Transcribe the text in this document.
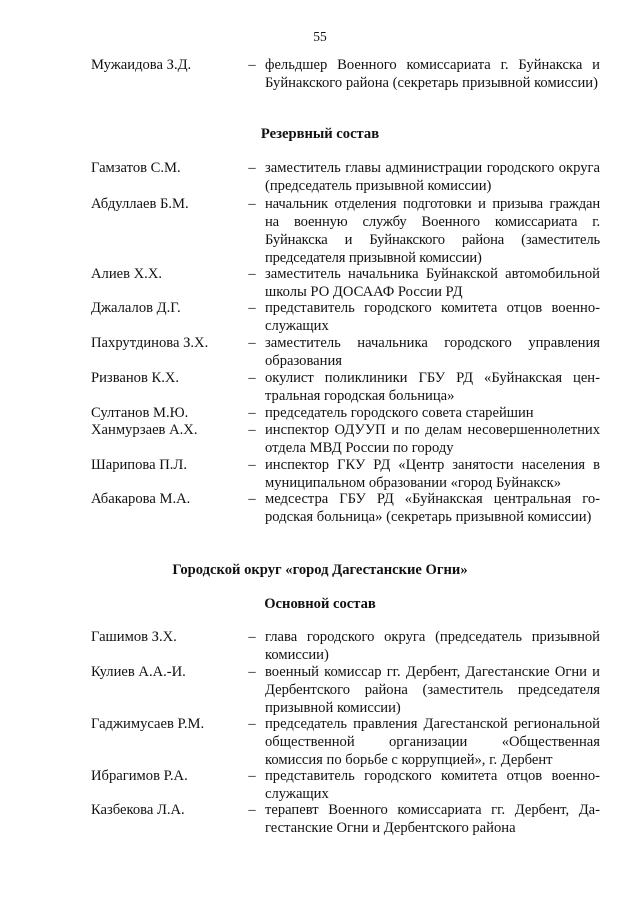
55
Мужаидова З.Д.	– фельдшер Военного комиссариата г. Буйнакска и Буйнакского района (секретарь призывной комиссии)
Резервный состав
Гамзатов С.М.	– заместитель главы администрации городского округа (председатель призывной комиссии)
Абдуллаев Б.М.	– начальник отделения подготовки и призыва граждан на военную службу Военного комиссариата г. Буйнакска и Буйнакского района (заместитель председателя призывной комиссии)
Алиев Х.Х.	– заместитель начальника Буйнакской автомобильной школы РО ДОСААФ России РД
Джалалов Д.Г.	– представитель городского комитета отцов военнослужащих
Пахрутдинова З.Х.	– заместитель начальника городского управления образования
Ризванов К.Х.	– окулист поликлиники ГБУ РД «Буйнакская центральная городская больница»
Султанов М.Ю.	– председатель городского совета старейшин
Ханмурзаев А.Х.	– инспектор ОДУУП и по делам несовершеннолетних отдела МВД России по городу
Шарипова П.Л.	– инспектор ГКУ РД «Центр занятости населения в муниципальном образовании «город Буйнакск»
Абакарова М.А.	– медсестра ГБУ РД «Буйнакская центральная городская больница» (секретарь призывной комиссии)
Городской округ «город Дагестанские Огни»
Основной состав
Гашимов З.Х.	– глава городского округа (председатель призывной комиссии)
Кулиев А.А.-И.	– военный комиссар гг. Дербент, Дагестанские Огни и Дербентского района (заместитель председателя призывной комиссии)
Гаджимусаев Р.М.	– председатель правления Дагестанской региональной общественной организации «Общественная комиссия по борьбе с коррупцией», г. Дербент
Ибрагимов Р.А.	– представитель городского комитета отцов военнослужащих
Казбекова Л.А.	– терапевт Военного комиссариата гг. Дербент, Дагестанские Огни и Дербентского района
